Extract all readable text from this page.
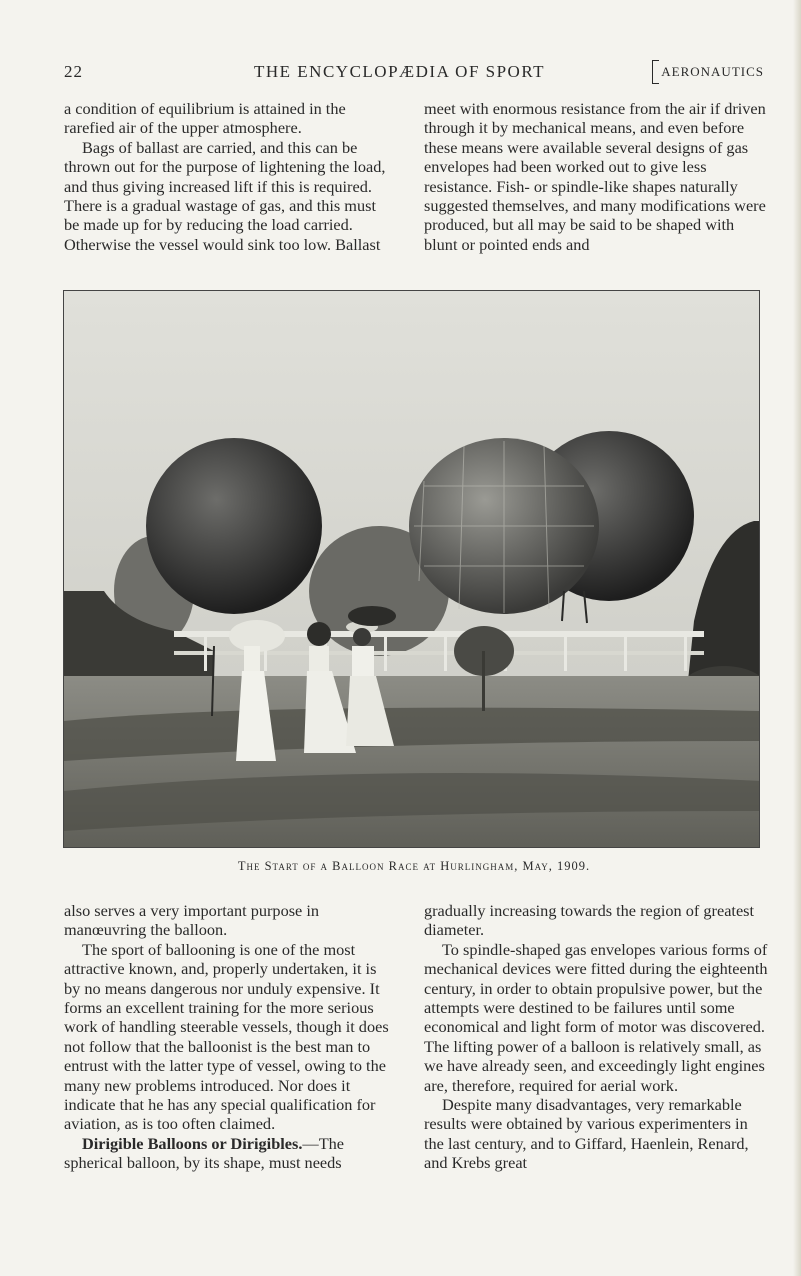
22	THE ENCYCLOPÆDIA OF SPORT	AERONAUTICS

a condition of equilibrium is attained in the rarefied air of the upper atmosphere.

Bags of ballast are carried, and this can be thrown out for the purpose of lightening the load, and thus giving increased lift if this is required. There is a gradual wastage of gas, and this must be made up for by reducing the load carried. Otherwise the vessel would sink too low. Ballast

meet with enormous resistance from the air if driven through it by mechanical means, and even before these means were available several designs of gas envelopes had been worked out to give less resistance. Fish- or spindle-like shapes naturally suggested themselves, and many modifications were produced, but all may be said to be shaped with blunt or pointed ends and

The Start of a Balloon Race at Hurlingham, May, 1909.

also serves a very important purpose in manœuvring the balloon.

The sport of ballooning is one of the most attractive known, and, properly undertaken, it is by no means dangerous nor unduly expensive. It forms an excellent training for the more serious work of handling steerable vessels, though it does not follow that the balloonist is the best man to entrust with the latter type of vessel, owing to the many new problems introduced. Nor does it indicate that he has any special qualification for aviation, as is too often claimed.

Dirigible Balloons or Dirigibles.—The spherical balloon, by its shape, must needs

gradually increasing towards the region of greatest diameter.

To spindle-shaped gas envelopes various forms of mechanical devices were fitted during the eighteenth century, in order to obtain propulsive power, but the attempts were destined to be failures until some economical and light form of motor was discovered. The lifting power of a balloon is relatively small, as we have already seen, and exceedingly light engines are, therefore, required for aerial work.

Despite many disadvantages, very remarkable results were obtained by various experimenters in the last century, and to Giffard, Haenlein, Renard, and Krebs great
